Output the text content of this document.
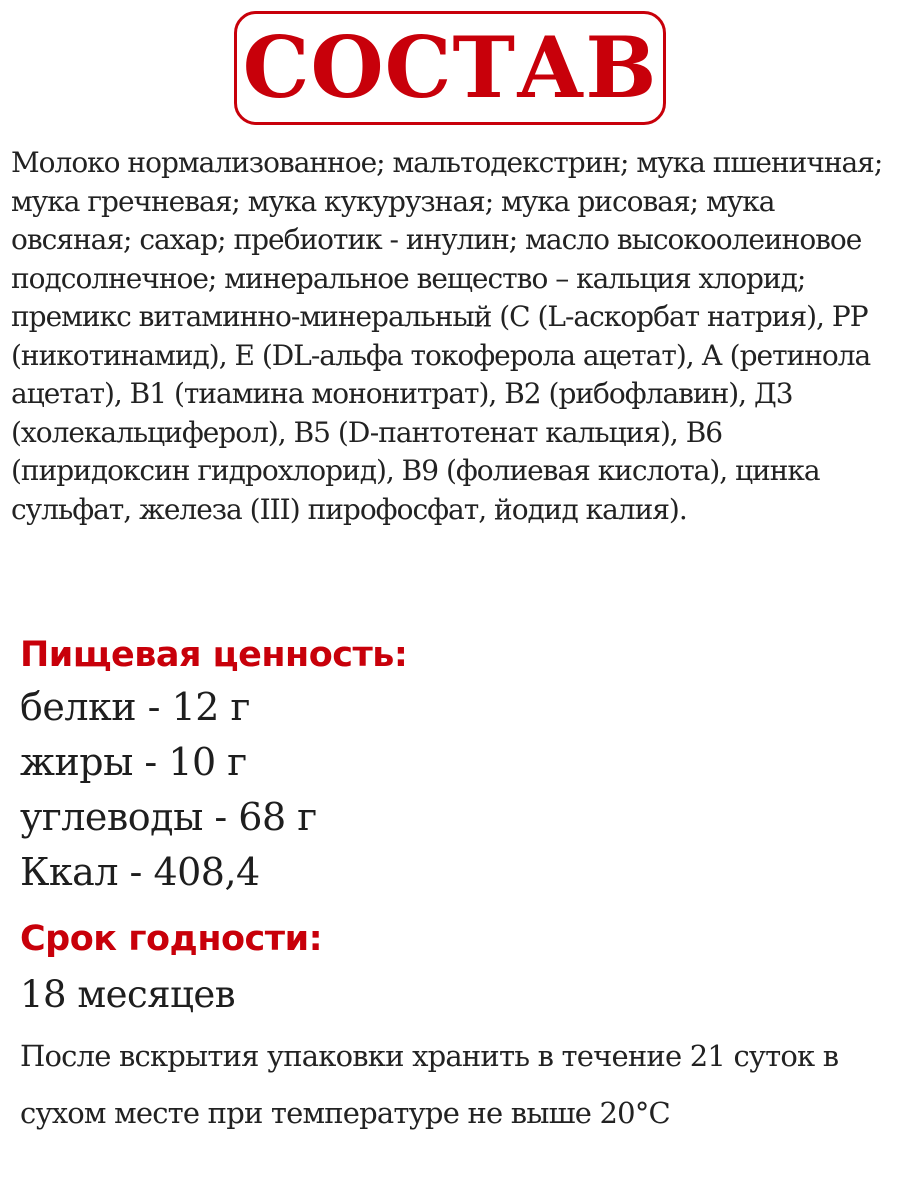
СОСТАВ

Молоко нормализованное; мальтодекстрин; мука пшеничная; мука гречневая; мука кукурузная; мука рисовая; мука овсяная; сахар; пребиотик - инулин; масло высокоолеиновое подсолнечное; минеральное вещество – кальция хлорид; премикс витаминно-минеральный (С (L-аскорбат натрия), РР (никотинамид), Е (DL-альфа токоферола ацетат), А (ретинола ацетат), В1 (тиамина мононитрат), В2 (рибофлавин), Д3 (холекальциферол), В5 (D-пантотенат кальция), В6 (пиридоксин гидрохлорид), В9 (фолиевая кислота), цинка сульфат, железа (III) пирофосфат, йодид калия).

Пищевая ценность:

белки - 12 г

жиры - 10 г

углеводы - 68 г

Ккал - 408,4

Срок годности:

18 месяцев

После вскрытия упаковки хранить в течение 21 суток в сухом месте при температуре не выше 20°С
